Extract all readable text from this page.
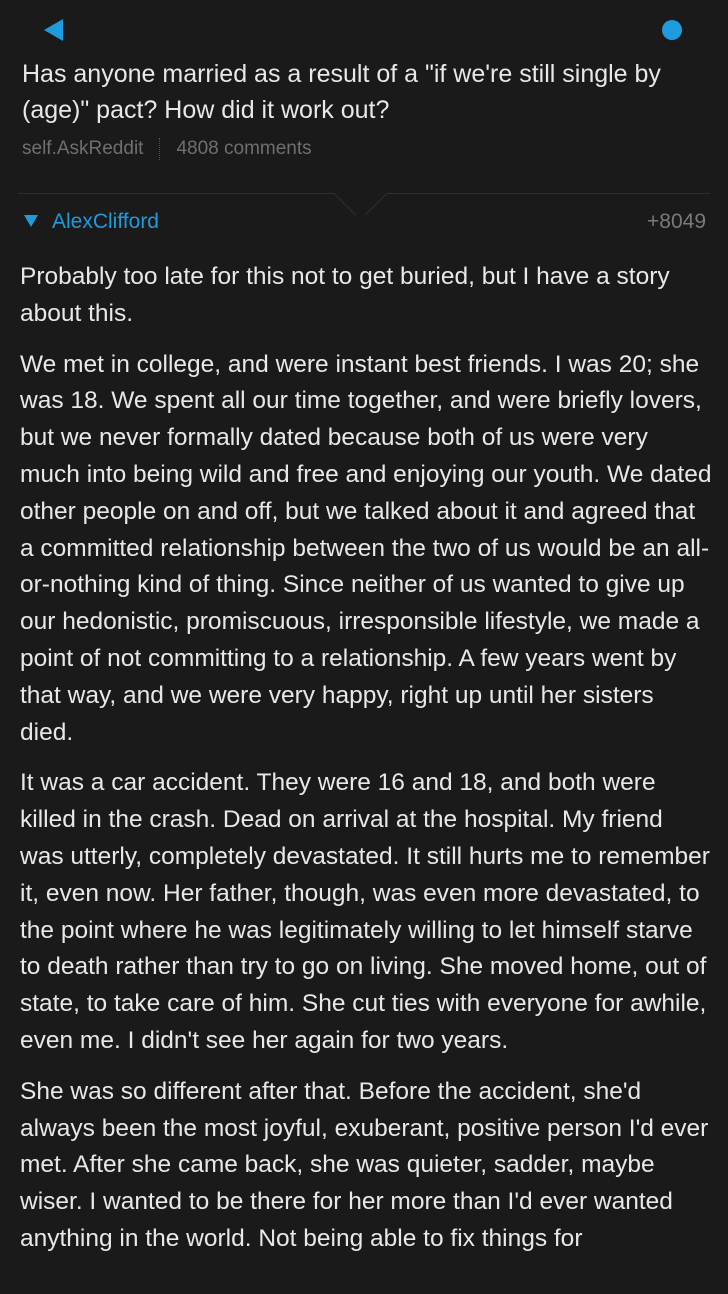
Has anyone married as a result of a "if we're still single by (age)" pact? How did it work out?
self.AskReddit 4808 comments
AlexClifford	+8049

Probably too late for this not to get buried, but I have a story about this.

We met in college, and were instant best friends. I was 20; she was 18. We spent all our time together, and were briefly lovers, but we never formally dated because both of us were very much into being wild and free and enjoying our youth. We dated other people on and off, but we talked about it and agreed that a committed relationship between the two of us would be an all-or-nothing kind of thing. Since neither of us wanted to give up our hedonistic, promiscuous, irresponsible lifestyle, we made a point of not committing to a relationship. A few years went by that way, and we were very happy, right up until her sisters died.

It was a car accident. They were 16 and 18, and both were killed in the crash. Dead on arrival at the hospital. My friend was utterly, completely devastated. It still hurts me to remember it, even now. Her father, though, was even more devastated, to the point where he was legitimately willing to let himself starve to death rather than try to go on living. She moved home, out of state, to take care of him. She cut ties with everyone for awhile, even me. I didn't see her again for two years.

She was so different after that. Before the accident, she'd always been the most joyful, exuberant, positive person I'd ever met. After she came back, she was quieter, sadder, maybe wiser. I wanted to be there for her more than I'd ever wanted anything in the world. Not being able to fix things for
